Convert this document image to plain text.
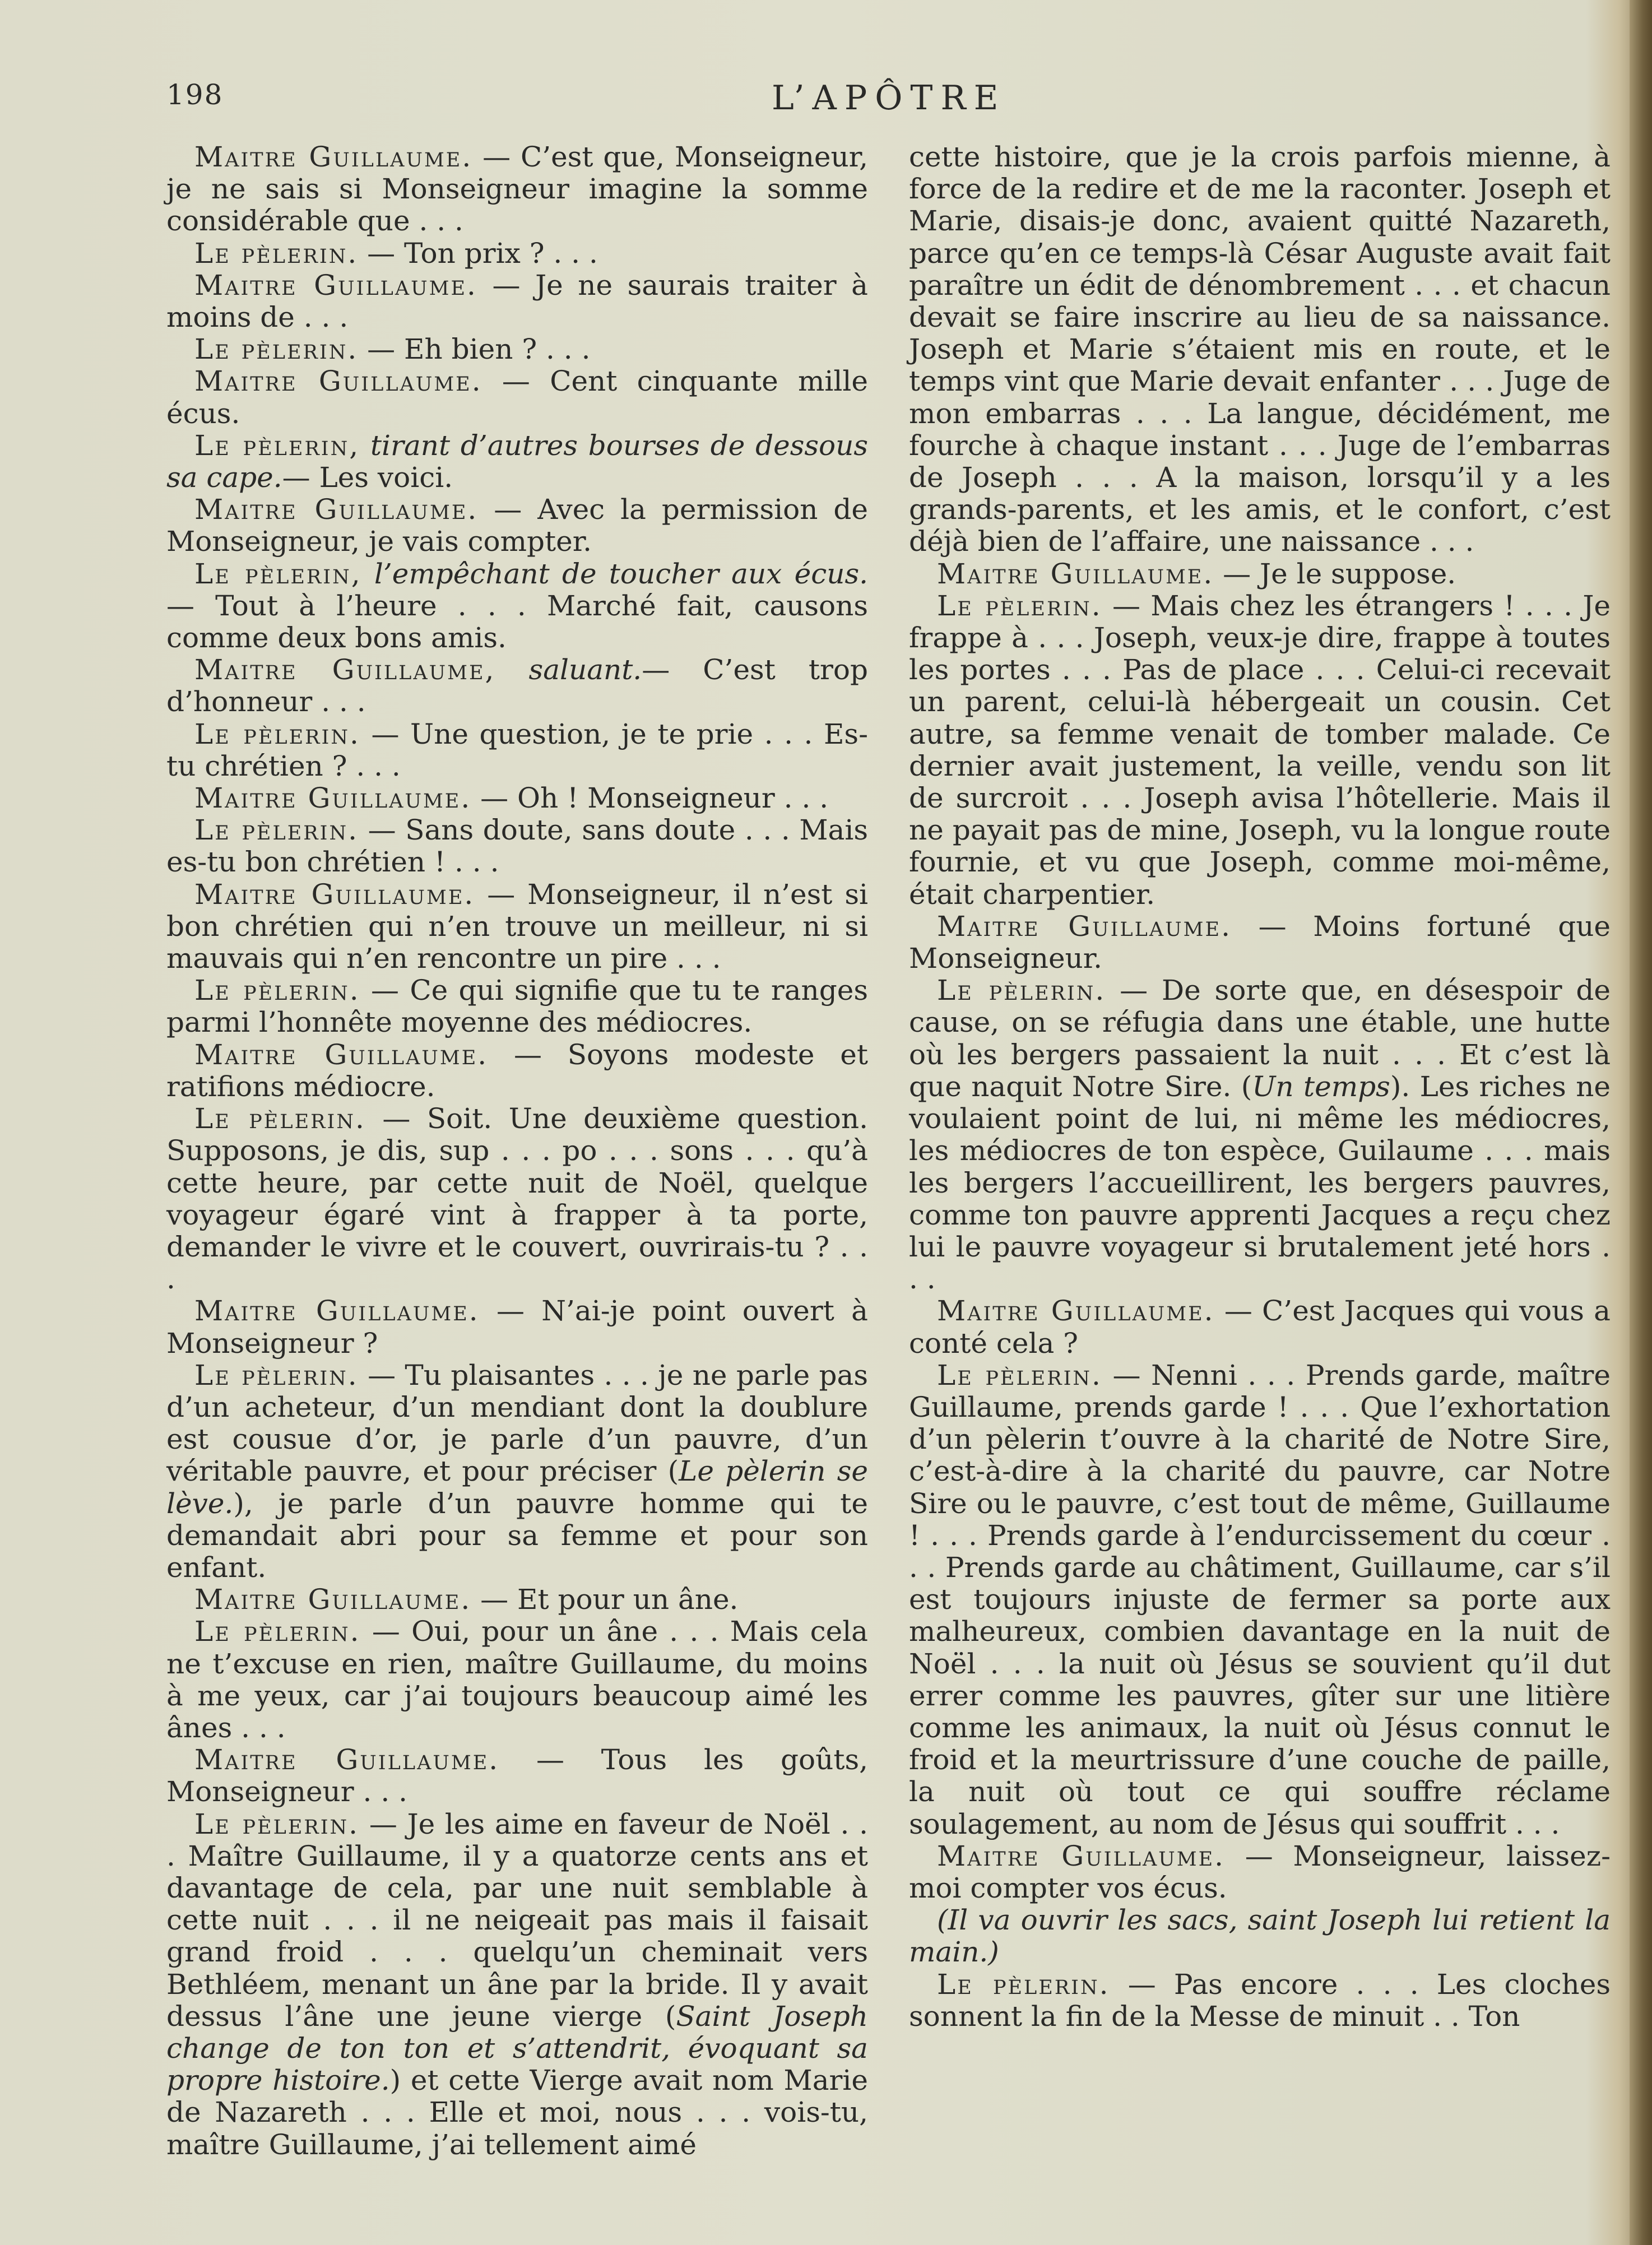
198	L’APÔTRE

Maitre Guillaume. — C’est que, Monseigneur, je ne sais si Monseigneur imagine la somme considérable que . . .

Le pèlerin. — Ton prix ? . . .

Maitre Guillaume. — Je ne saurais traiter à moins de . . .

Le pèlerin. — Eh bien ? . . .

Maitre Guillaume. — Cent cinquante mille écus.

Le pèlerin, tirant d’autres bourses de dessous sa cape.— Les voici.

Maitre Guillaume. — Avec la permission de Monseigneur, je vais compter.

Le pèlerin, l’empêchant de toucher aux écus. — Tout à l’heure . . . Marché fait, causons comme deux bons amis.

Maitre Guillaume, saluant.— C’est trop d’honneur . . .

Le pèlerin. — Une question, je te prie . . . Es-tu chrétien ? . . .

Maitre Guillaume. — Oh ! Monseigneur . . .

Le pèlerin. — Sans doute, sans doute . . . Mais es-tu bon chrétien ! . . .

Maitre Guillaume. — Monseigneur, il n’est si bon chrétien qui n’en trouve un meilleur, ni si mauvais qui n’en rencontre un pire . . .

Le pèlerin. — Ce qui signifie que tu te ranges parmi l’honnête moyenne des médiocres.

Maitre Guillaume. — Soyons modeste et ratifions médiocre.

Le pèlerin. — Soit. Une deuxième question. Supposons, je dis, sup . . . po . . . sons . . . qu’à cette heure, par cette nuit de Noël, quelque voyageur égaré vint à frapper à ta porte, demander le vivre et le couvert, ouvrirais-tu ? . . .

Maitre Guillaume. — N’ai-je point ouvert à Monseigneur ?

Le pèlerin. — Tu plaisantes . . . je ne parle pas d’un acheteur, d’un mendiant dont la doublure est cousue d’or, je parle d’un pauvre, d’un véritable pauvre, et pour préciser (Le pèlerin se lève.), je parle d’un pauvre homme qui te demandait abri pour sa femme et pour son enfant.

Maitre Guillaume. — Et pour un âne.

Le pèlerin. — Oui, pour un âne . . . Mais cela ne t’excuse en rien, maître Guillaume, du moins à me yeux, car j’ai toujours beaucoup aimé les ânes . . .

Maitre Guillaume. — Tous les goûts, Monseigneur . . .

Le pèlerin. — Je les aime en faveur de Noël . . . Maître Guillaume, il y a quatorze cents ans et davantage de cela, par une nuit semblable à cette nuit . . . il ne neigeait pas mais il faisait grand froid . . . quelqu’un cheminait vers Bethléem, menant un âne par la bride. Il y avait dessus l’âne une jeune vierge (Saint Joseph change de ton ton et s’attendrit, évoquant sa propre histoire.) et cette Vierge avait nom Marie de Nazareth . . . Elle et moi, nous . . . vois-tu, maître Guillaume, j’ai tellement aimé

cette histoire, que je la crois parfois mienne, à force de la redire et de me la raconter. Joseph et Marie, disais-je donc, avaient quitté Nazareth, parce qu’en ce temps-là César Auguste avait fait paraître un édit de dénombrement . . . et chacun devait se faire inscrire au lieu de sa naissance. Joseph et Marie s’étaient mis en route, et le temps vint que Marie devait enfanter . . . Juge de mon embarras . . . La langue, décidément, me fourche à chaque instant . . . Juge de l’embarras de Joseph . . . A la maison, lorsqu’il y a les grands-parents, et les amis, et le confort, c’est déjà bien de l’affaire, une naissance . . .

Maitre Guillaume. — Je le suppose.

Le pèlerin. — Mais chez les étrangers ! . . . Je frappe à . . . Joseph, veux-je dire, frappe à toutes les portes . . . Pas de place . . . Celui-ci recevait un parent, celui-là hébergeait un cousin. Cet autre, sa femme venait de tomber malade. Ce dernier avait justement, la veille, vendu son lit de surcroit . . . Joseph avisa l’hôtellerie. Mais il ne payait pas de mine, Joseph, vu la longue route fournie, et vu que Joseph, comme moi-même, était charpentier.

Maitre Guillaume. — Moins fortuné que Monseigneur.

Le pèlerin. — De sorte que, en désespoir de cause, on se réfugia dans une étable, une hutte où les bergers passaient la nuit . . . Et c’est là que naquit Notre Sire. (Un temps). Les riches ne voulaient point de lui, ni même les médiocres, les médiocres de ton espèce, Guilaume . . . mais les bergers l’accueillirent, les bergers pauvres, comme ton pauvre apprenti Jacques a reçu chez lui le pauvre voyageur si brutalement jeté hors . . .

Maitre Guillaume. — C’est Jacques qui vous a conté cela ?

Le pèlerin. — Nenni . . . Prends garde, maître Guillaume, prends garde ! . . . Que l’exhortation d’un pèlerin t’ouvre à la charité de Notre Sire, c’est-à-dire à la charité du pauvre, car Notre Sire ou le pauvre, c’est tout de même, Guillaume ! . . . Prends garde à l’endurcissement du cœur . . . Prends garde au châtiment, Guillaume, car s’il est toujours injuste de fermer sa porte aux malheureux, combien davantage en la nuit de Noël . . . la nuit où Jésus se souvient qu’il dut errer comme les pauvres, gîter sur une litière comme les animaux, la nuit où Jésus connut le froid et la meurtrissure d’une couche de paille, la nuit où tout ce qui souffre réclame soulagement, au nom de Jésus qui souffrit . . .

Maitre Guillaume. — Monseigneur, laissez-moi compter vos écus.

(Il va ouvrir les sacs, saint Joseph lui retient la main.)

Le pèlerin. — Pas encore . . . Les cloches sonnent la fin de la Messe de minuit . . Ton
